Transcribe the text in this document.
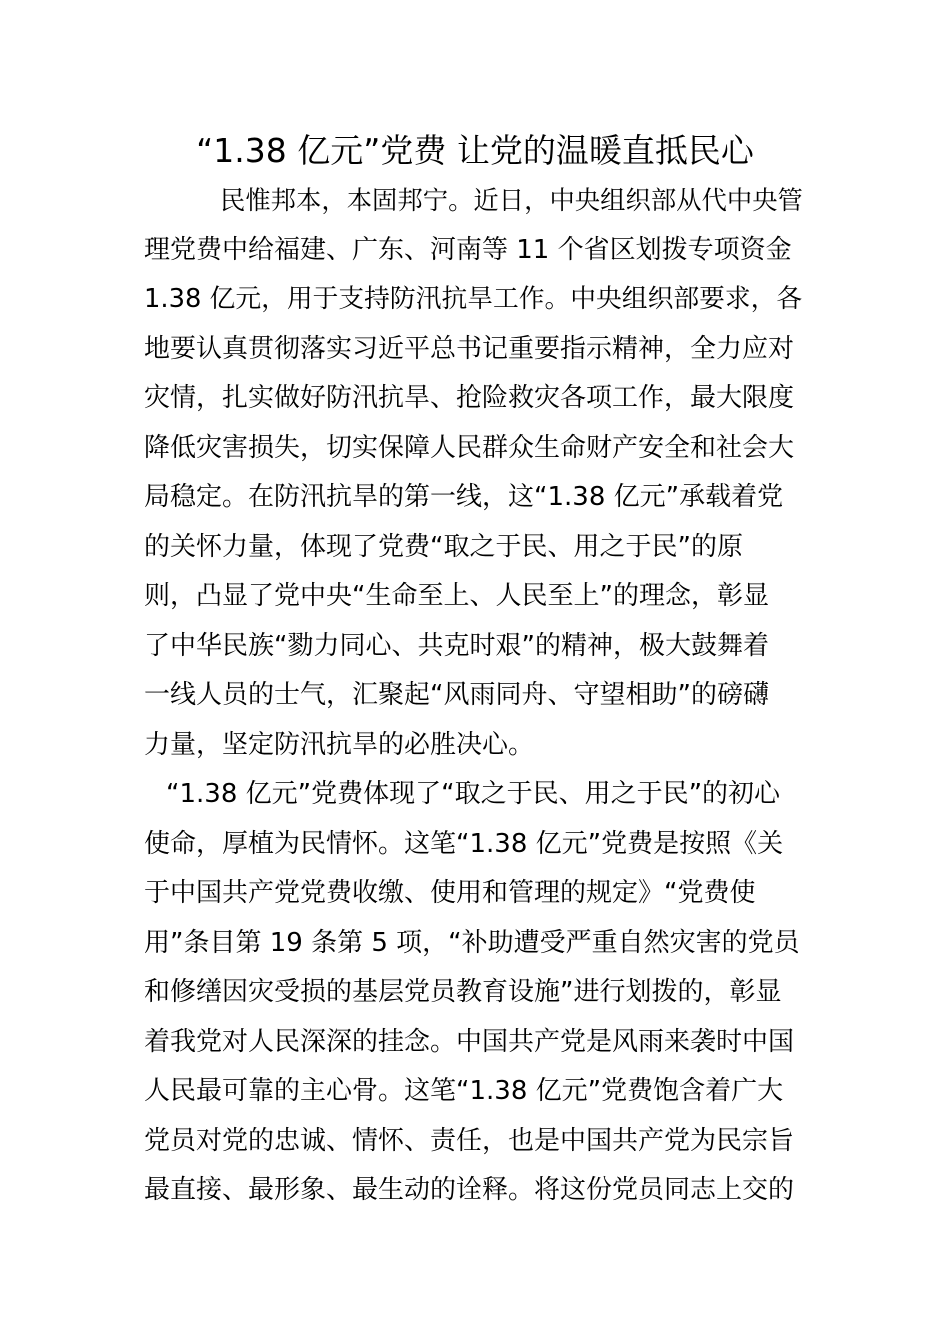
“1.38 亿元”党费 让党的温暖直抵民心
民惟邦本，本固邦宁。近日，中央组织部从代中央管
理党费中给福建、广东、河南等 11 个省区划拨专项资金
1.38 亿元，用于支持防汛抗旱工作。中央组织部要求，各
地要认真贯彻落实习近平总书记重要指示精神，全力应对
灾情，扎实做好防汛抗旱、抢险救灾各项工作，最大限度
降低灾害损失，切实保障人民群众生命财产安全和社会大
局稳定。在防汛抗旱的第一线，这“1.38 亿元”承载着党
的关怀力量，体现了党费“取之于民、用之于民”的原
则，凸显了党中央“生命至上、人民至上”的理念，彰显
了中华民族“勠力同心、共克时艰”的精神，极大鼓舞着
一线人员的士气，汇聚起“风雨同舟、守望相助”的磅礴
力量，坚定防汛抗旱的必胜决心。
“1.38 亿元”党费体现了“取之于民、用之于民”的初心
使命，厚植为民情怀。这笔“1.38 亿元”党费是按照《关
于中国共产党党费收缴、使用和管理的规定》“党费使
用”条目第 19 条第 5 项，“补助遭受严重自然灾害的党员
和修缮因灾受损的基层党员教育设施”进行划拨的，彰显
着我党对人民深深的挂念。中国共产党是风雨来袭时中国
人民最可靠的主心骨。这笔“1.38 亿元”党费饱含着广大
党员对党的忠诚、情怀、责任，也是中国共产党为民宗旨
最直接、最形象、最生动的诠释。将这份党员同志上交的
